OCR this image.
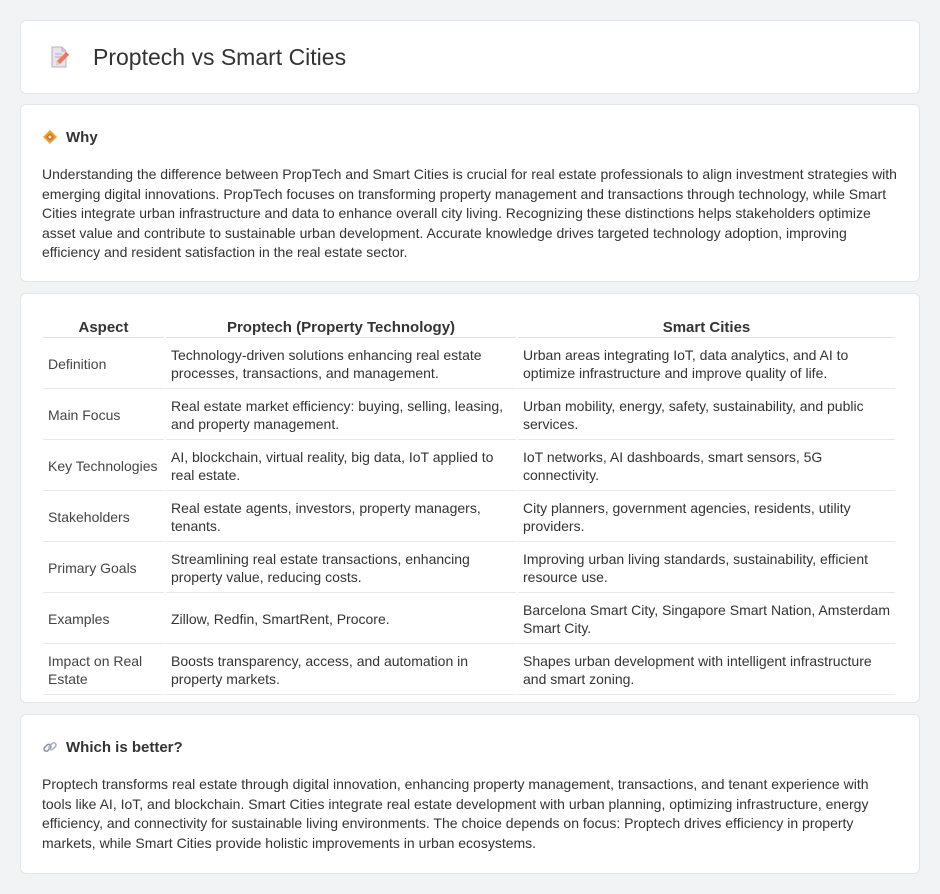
Proptech vs Smart Cities
Why

Understanding the difference between PropTech and Smart Cities is crucial for real estate professionals to align investment strategies with emerging digital innovations. PropTech focuses on transforming property management and transactions through technology, while Smart Cities integrate urban infrastructure and data to enhance overall city living. Recognizing these distinctions helps stakeholders optimize asset value and contribute to sustainable urban development. Accurate knowledge drives targeted technology adoption, improving efficiency and resident satisfaction in the real estate sector.

Aspect	Proptech (Property Technology)	Smart Cities
Definition	Technology-driven solutions enhancing real estate processes, transactions, and management.	Urban areas integrating IoT, data analytics, and AI to optimize infrastructure and improve quality of life.
Main Focus	Real estate market efficiency: buying, selling, leasing, and property management.	Urban mobility, energy, safety, sustainability, and public services.
Key Technologies	AI, blockchain, virtual reality, big data, IoT applied to real estate.	IoT networks, AI dashboards, smart sensors, 5G connectivity.
Stakeholders	Real estate agents, investors, property managers, tenants.	City planners, government agencies, residents, utility providers.
Primary Goals	Streamlining real estate transactions, enhancing property value, reducing costs.	Improving urban living standards, sustainability, efficient resource use.
Examples	Zillow, Redfin, SmartRent, Procore.	Barcelona Smart City, Singapore Smart Nation, Amsterdam Smart City.
Impact on Real Estate	Boosts transparency, access, and automation in property markets.	Shapes urban development with intelligent infrastructure and smart zoning.
Which is better?

Proptech transforms real estate through digital innovation, enhancing property management, transactions, and tenant experience with tools like AI, IoT, and blockchain. Smart Cities integrate real estate development with urban planning, optimizing infrastructure, energy efficiency, and connectivity for sustainable living environments. The choice depends on focus: Proptech drives efficiency in property markets, while Smart Cities provide holistic improvements in urban ecosystems.
